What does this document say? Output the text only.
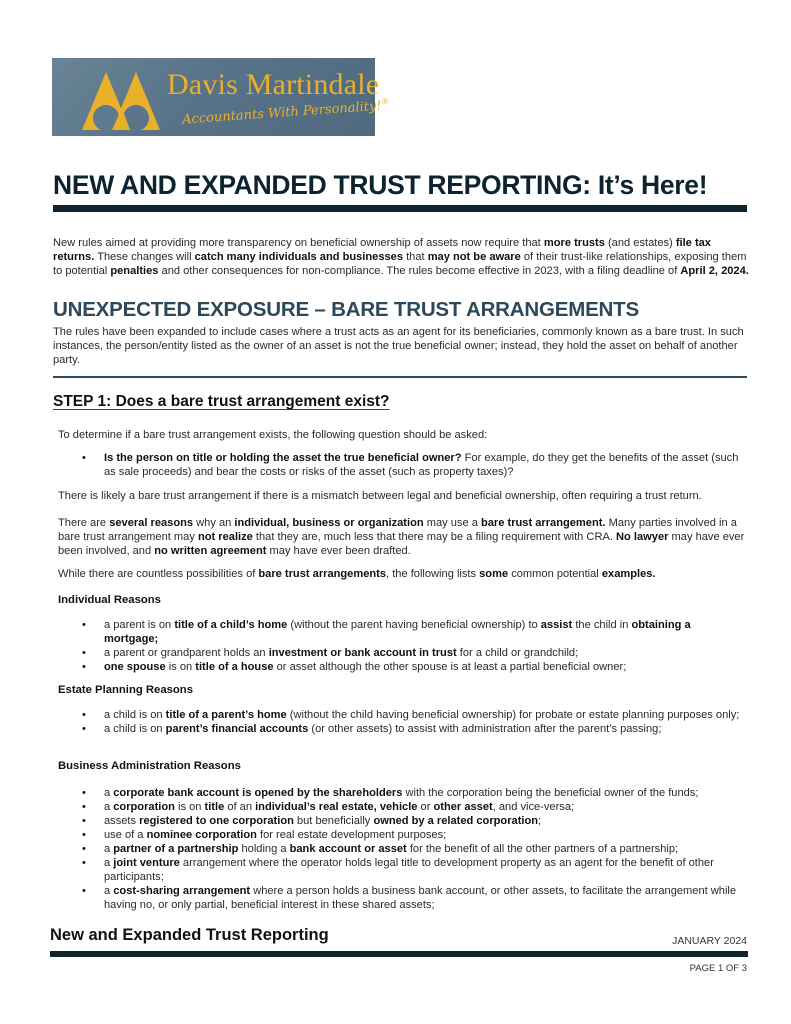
Davis Martindale
Accountants With Personality!®
NEW AND EXPANDED TRUST REPORTING: It’s Here!

New rules aimed at providing more transparency on beneficial ownership of assets now require that more trusts (and estates) file tax returns. These changes will catch many individuals and businesses that may not be aware of their trust-like relationships, exposing them to potential penalties and other consequences for non-compliance. The rules become effective in 2023, with a filing deadline of April 2, 2024.

UNEXPECTED EXPOSURE – BARE TRUST ARRANGEMENTS

The rules have been expanded to include cases where a trust acts as an agent for its beneficiaries, commonly known as a bare trust. In such instances, the person/entity listed as the owner of an asset is not the true beneficial owner; instead, they hold the asset on behalf of another party.

STEP 1: Does a bare trust arrangement exist?

To determine if a bare trust arrangement exists, the following question should be asked:

• Is the person on title or holding the asset the true beneficial owner? For example, do they get the benefits of the asset (such as sale proceeds) and bear the costs or risks of the asset (such as property taxes)?

There is likely a bare trust arrangement if there is a mismatch between legal and beneficial ownership, often requiring a trust return.

There are several reasons why an individual, business or organization may use a bare trust arrangement. Many parties involved in a bare trust arrangement may not realize that they are, much less that there may be a filing requirement with CRA. No lawyer may have ever been involved, and no written agreement may have ever been drafted.

While there are countless possibilities of bare trust arrangements, the following lists some common potential examples.

Individual Reasons
• a parent is on title of a child’s home (without the parent having beneficial ownership) to assist the child in obtaining a mortgage;
• a parent or grandparent holds an investment or bank account in trust for a child or grandchild;
• one spouse is on title of a house or asset although the other spouse is at least a partial beneficial owner;
Estate Planning Reasons
• a child is on title of a parent’s home (without the child having beneficial ownership) for probate or estate planning purposes only;
• a child is on parent’s financial accounts (or other assets) to assist with administration after the parent’s passing;
Business Administration Reasons
• a corporate bank account is opened by the shareholders with the corporation being the beneficial owner of the funds;
• a corporation is on title of an individual’s real estate, vehicle or other asset, and vice-versa;
• assets registered to one corporation but beneficially owned by a related corporation;
• use of a nominee corporation for real estate development purposes;
• a partner of a partnership holding a bank account or asset for the benefit of all the other partners of a partnership;
• a joint venture arrangement where the operator holds legal title to development property as an agent for the benefit of other participants;
• a cost-sharing arrangement where a person holds a business bank account, or other assets, to facilitate the arrangement while having no, or only partial, beneficial interest in these shared assets;
New and Expanded Trust Reporting	JANUARY 2024
PAGE 1 OF 3
